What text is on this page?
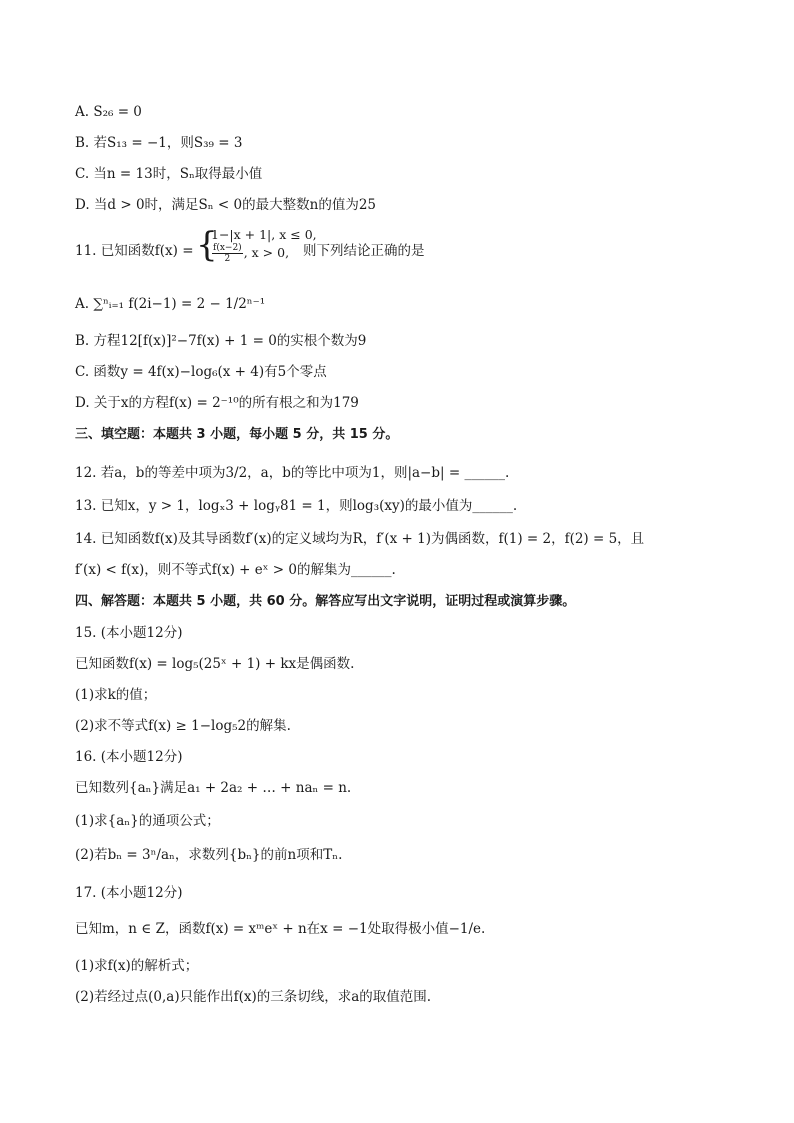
A. S₂₆ = 0
B. 若S₁₃ = −1，则S₃₉ = 3
C. 当n = 13时，Sₙ取得最小值
D. 当d > 0时，满足Sₙ < 0的最大整数n的值为25
11. 已知函数f(x) = {
1−|x + 1|, x ≤ 0,
$\frac{f(x-2)}{2}$ , x > 0, 则下列结论正确的是
A. ∑ⁿᵢ₌₁ f(2i−1) = 2 − 1/2ⁿ⁻¹
B. 方程12[f(x)]²−7f(x) + 1 = 0的实根个数为9
C. 函数y = 4f(x)−log₆(x + 4)有5个零点
D. 关于x的方程f(x) = 2⁻¹⁰的所有根之和为179
三、填空题：本题共 3 小题，每小题 5 分，共 15 分。
12. 若a，b的等差中项为3/2，a，b的等比中项为1，则|a−b| = ______.
13. 已知x，y > 1，logₓ3 + logᵧ81 = 1，则log₃(xy)的最小值为______.
14. 已知函数f(x)及其导函数f′(x)的定义域均为R，f′(x + 1)为偶函数，f(1) = 2，f(2) = 5，且
f′(x) < f(x)，则不等式f(x) + eˣ > 0的解集为______.
四、解答题：本题共 5 小题，共 60 分。解答应写出文字说明，证明过程或演算步骤。
15. (本小题12分)
已知函数f(x) = log₅(25ˣ + 1) + kx是偶函数.
(1)求k的值；
(2)求不等式f(x) ≥ 1−log₅2的解集.
16. (本小题12分)
已知数列{aₙ}满足a₁ + 2a₂ + … + naₙ = n.
(1)求{aₙ}的通项公式；
(2)若bₙ = 3ⁿ/aₙ，求数列{bₙ}的前n项和Tₙ.
17. (本小题12分)
已知m，n ∈ Z，函数f(x) = xᵐeˣ + n在x = −1处取得极小值−1/e.
(1)求f(x)的解析式；
(2)若经过点(0,a)只能作出f(x)的三条切线，求a的取值范围.
